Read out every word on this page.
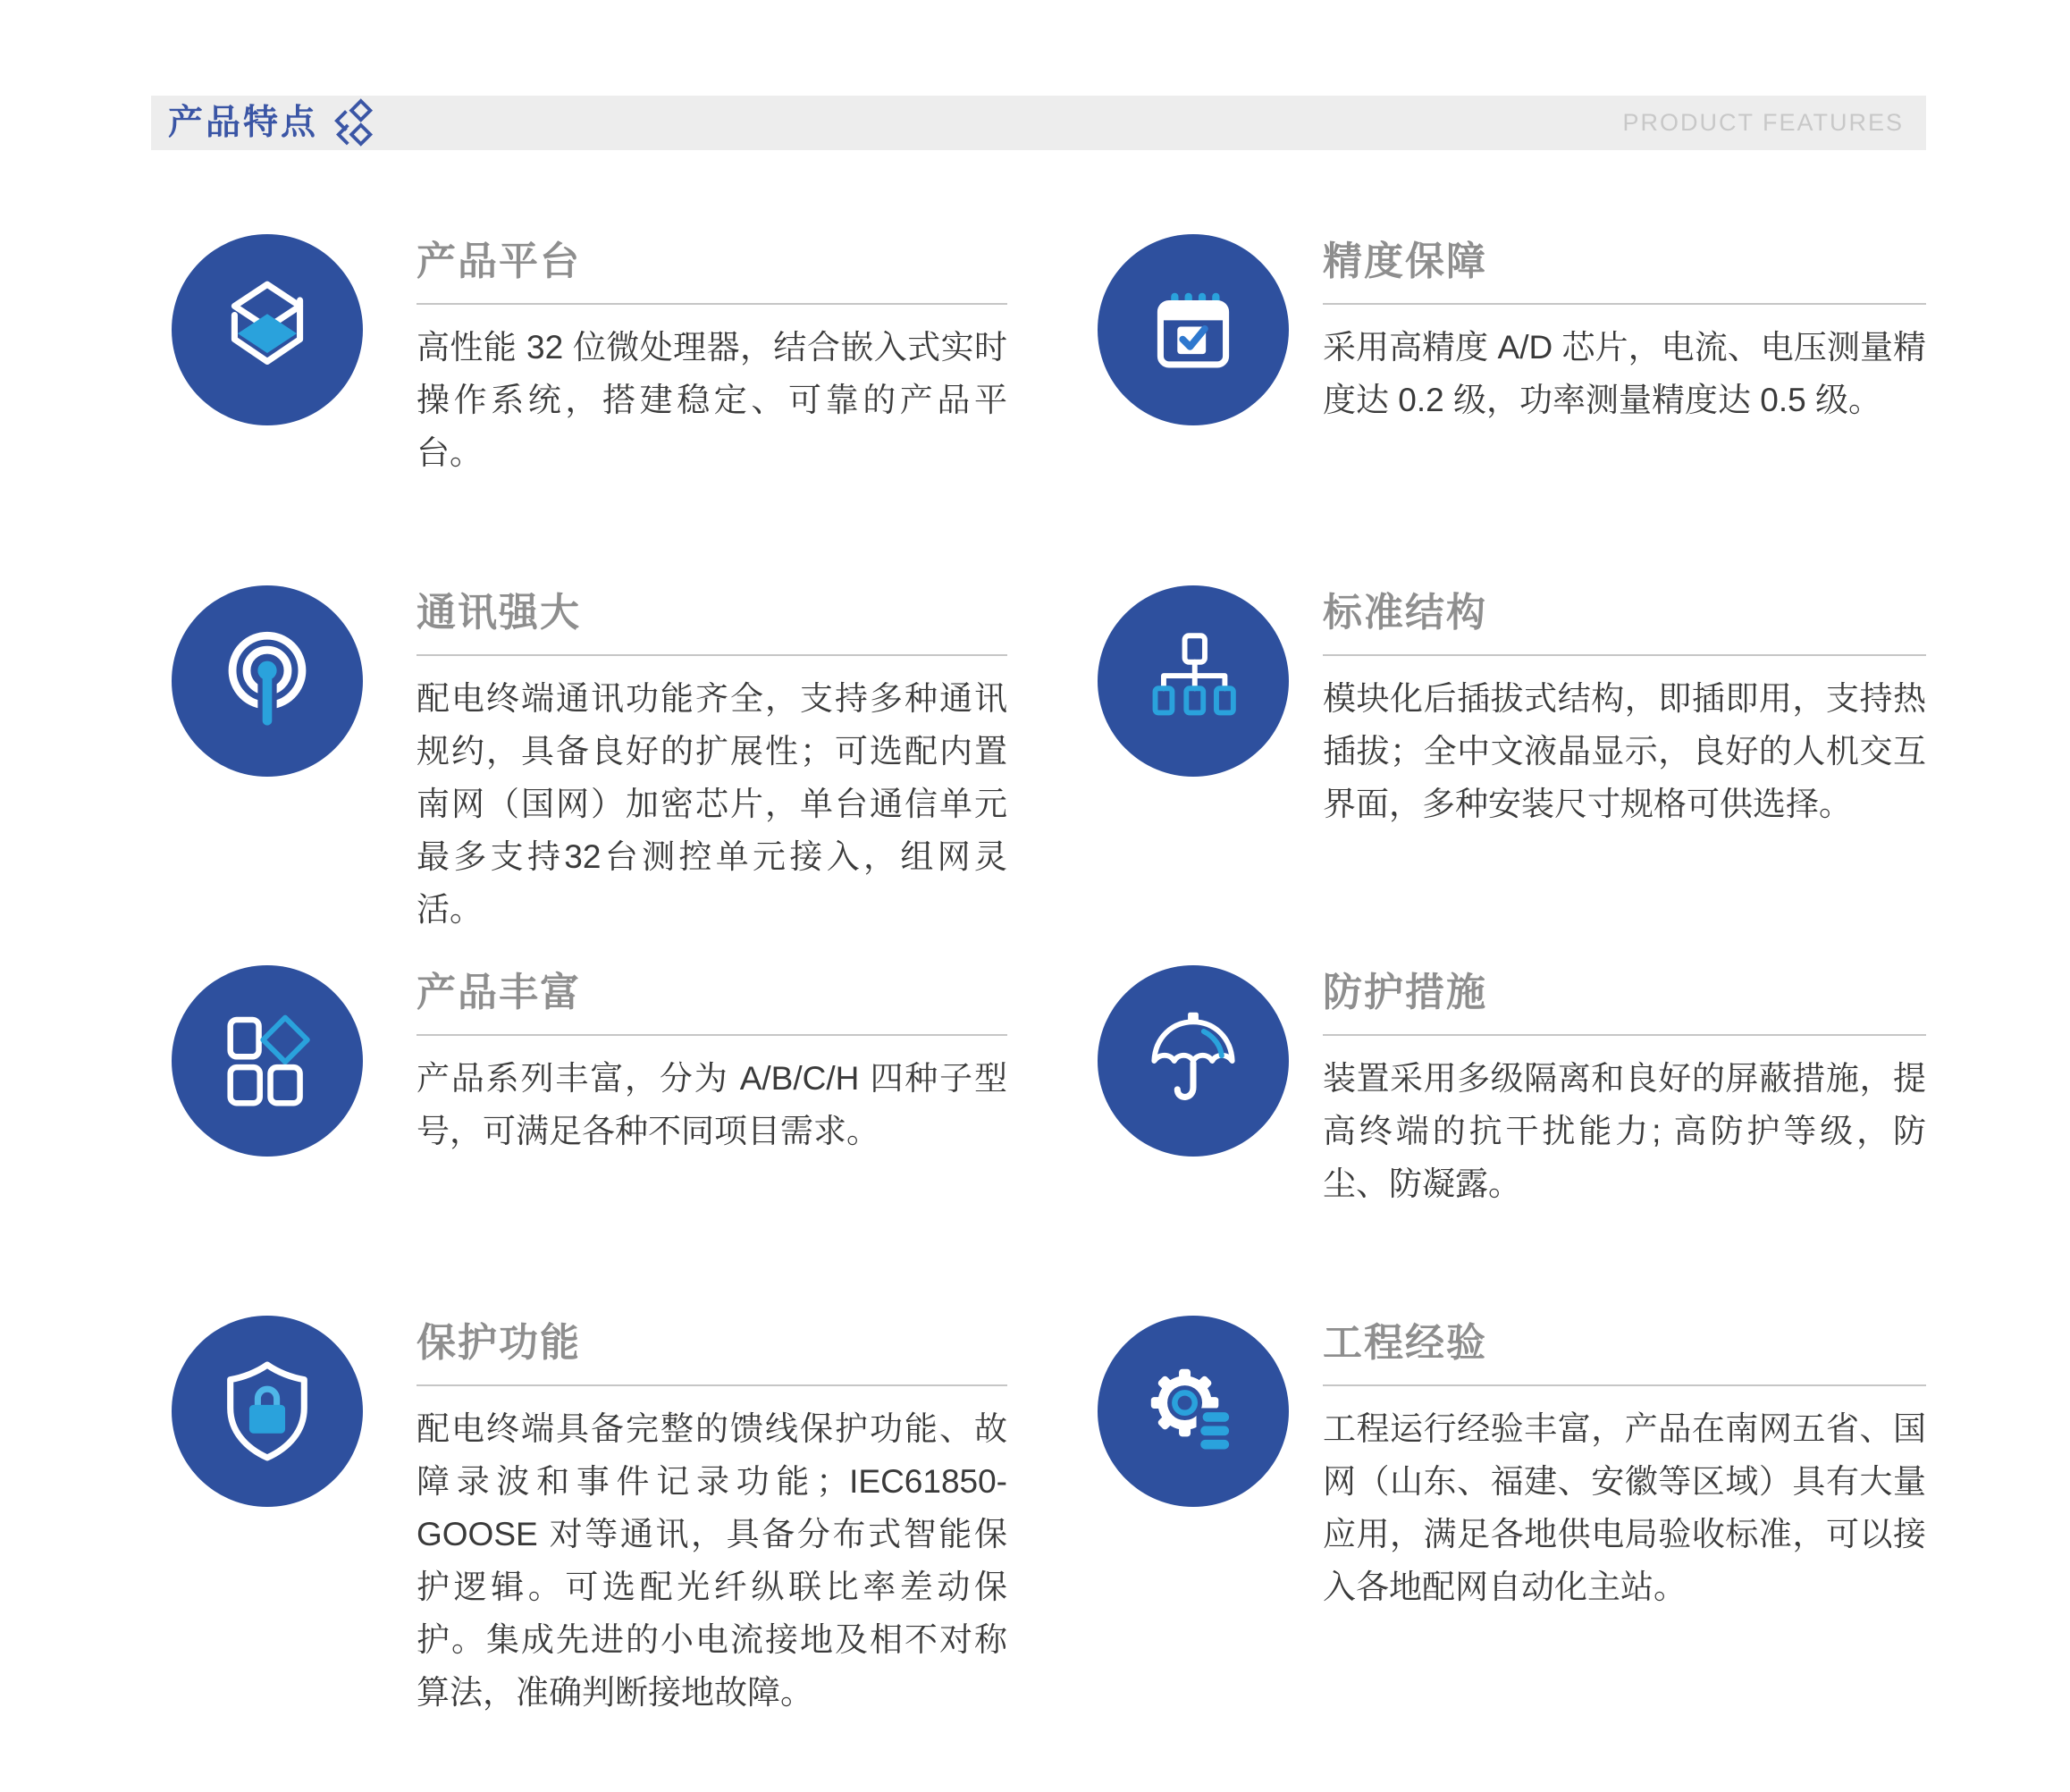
产品特点	PRODUCT FEATURES
产品平台

高性能 32 位微处理器，结合嵌入式实时操作系统，搭建稳定、可靠的产品平台。

通讯强大

配电终端通讯功能齐全，支持多种通讯规约，具备良好的扩展性；可选配内置南网（国网）加密芯片，单台通信单元最多支持32台测控单元接入，组网灵活。

产品丰富

产品系列丰富，分为 A/B/C/H 四种子型号，可满足各种不同项目需求。

保护功能

配电终端具备完整的馈线保护功能、故障录波和事件记录功能；IEC61850-GOOSE 对等通讯，具备分布式智能保护逻辑。可选配光纤纵联比率差动保护。集成先进的小电流接地及相不对称算法，准确判断接地故障。

精度保障

采用高精度 A/D 芯片，电流、电压测量精度达 0.2 级，功率测量精度达 0.5 级。

标准结构

模块化后插拔式结构，即插即用，支持热插拔；全中文液晶显示，良好的人机交互界面，多种安装尺寸规格可供选择。

防护措施

装置采用多级隔离和良好的屏蔽措施，提高终端的抗干扰能力; 高防护等级，防尘、防凝露。

工程经验

工程运行经验丰富，产品在南网五省、国网（山东、福建、安徽等区域）具有大量应用，满足各地供电局验收标准，可以接入各地配网自动化主站。
